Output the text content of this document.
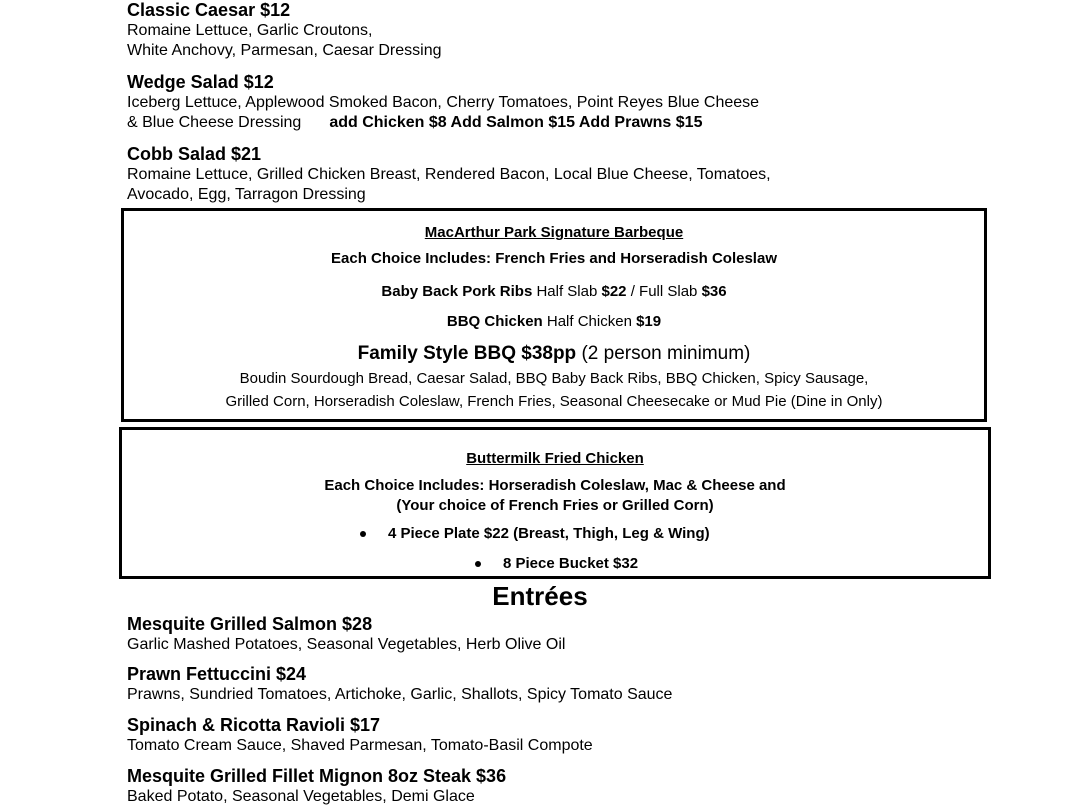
Classic Caesar $12
Romaine Lettuce, Garlic Croutons,
White Anchovy, Parmesan, Caesar Dressing
Wedge Salad $12
Iceberg Lettuce, Applewood Smoked Bacon, Cherry Tomatoes, Point Reyes Blue Cheese
& Blue Cheese Dressing add Chicken $8 Add Salmon $15 Add Prawns $15
Cobb Salad $21
Romaine Lettuce, Grilled Chicken Breast, Rendered Bacon, Local Blue Cheese, Tomatoes,
Avocado, Egg, Tarragon Dressing
MacArthur Park Signature Barbeque
Each Choice Includes: French Fries and Horseradish Coleslaw
Baby Back Pork Ribs Half Slab $22 / Full Slab $36
BBQ Chicken Half Chicken $19
Family Style BBQ $38pp (2 person minimum)
Boudin Sourdough Bread, Caesar Salad, BBQ Baby Back Ribs, BBQ Chicken, Spicy Sausage,
Grilled Corn, Horseradish Coleslaw, French Fries, Seasonal Cheesecake or Mud Pie (Dine in Only)
Buttermilk Fried Chicken
Each Choice Includes: Horseradish Coleslaw, Mac & Cheese and
(Your choice of French Fries or Grilled Corn)
4 Piece Plate $22 (Breast, Thigh, Leg & Wing)
8 Piece Bucket $32
Entrées
Mesquite Grilled Salmon $28
Garlic Mashed Potatoes, Seasonal Vegetables, Herb Olive Oil
Prawn Fettuccini $24
Prawns, Sundried Tomatoes, Artichoke, Garlic, Shallots, Spicy Tomato Sauce
Spinach & Ricotta Ravioli $17
Tomato Cream Sauce, Shaved Parmesan, Tomato-Basil Compote
Mesquite Grilled Fillet Mignon 8oz Steak $36
Baked Potato, Seasonal Vegetables, Demi Glace
